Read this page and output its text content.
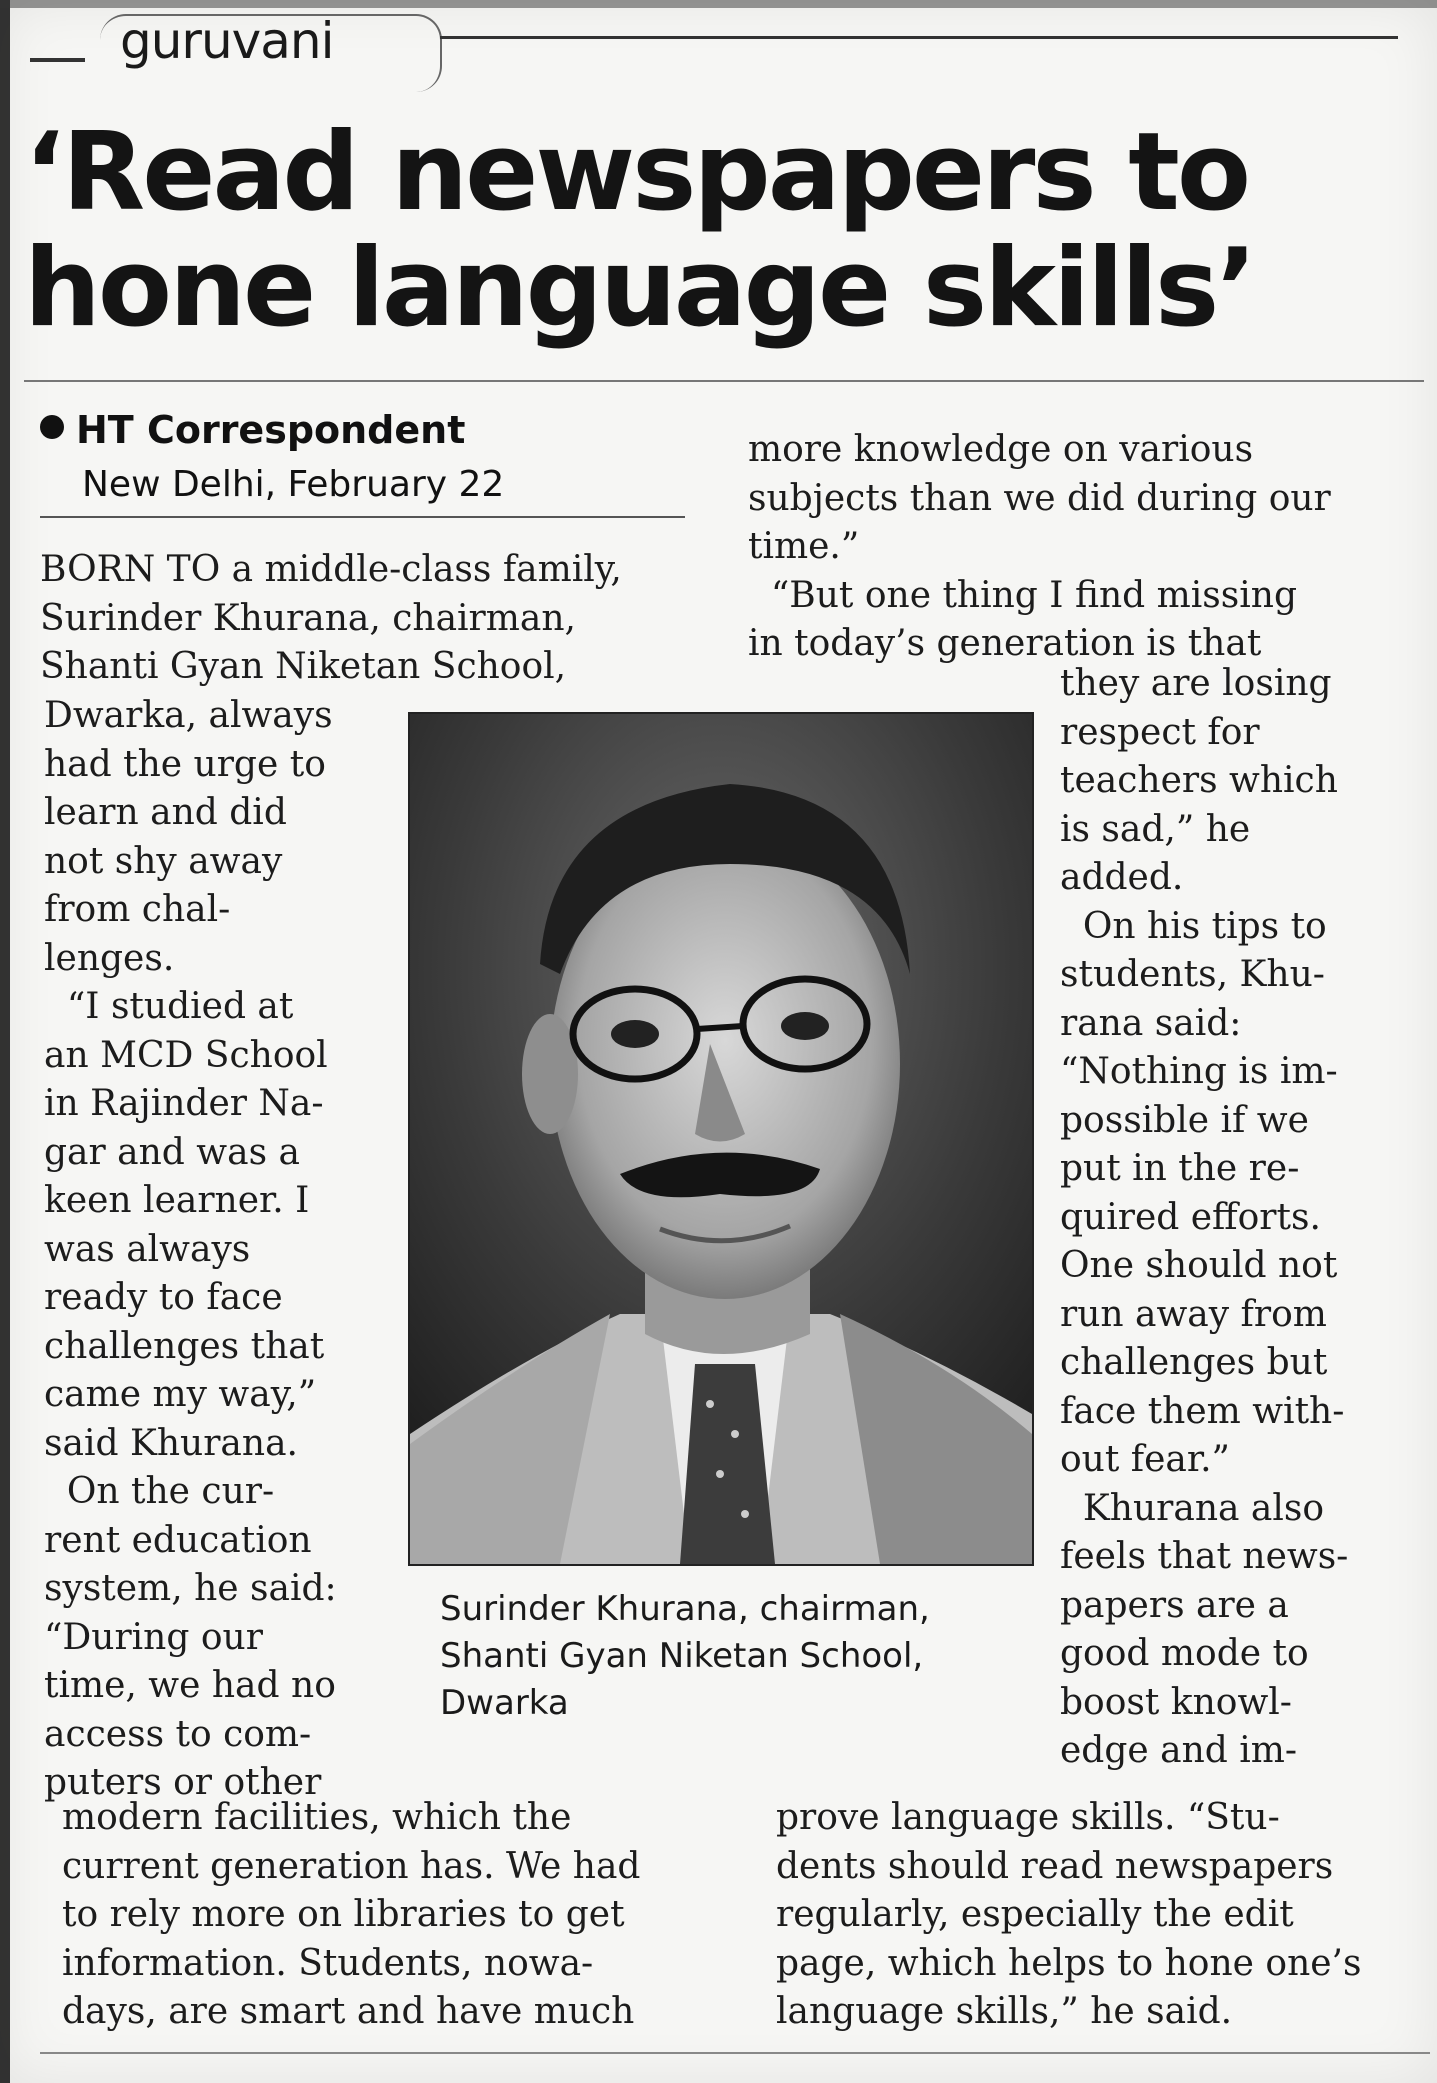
guruvani
‘Read newspapers to
hone language skills’
HT Correspondent
New Delhi, February 22
BORN TO a middle-class family,
Surinder Khurana, chairman,
Shanti Gyan Niketan School,
Dwarka, always
had the urge to
learn and did
not shy away
from chal-
lenges.
“I studied at
an MCD School
in Rajinder Na-
gar and was a
keen learner. I
was always
ready to face
challenges that
came my way,”
said Khurana.
On the cur-
rent education
system, he said:
“During our
time, we had no
access to com-
puters or other
modern facilities, which the
current generation has. We had
to rely more on libraries to get
information. Students, nowa-
days, are smart and have much
more knowledge on various
subjects than we did during our
time.”
“But one thing I find missing
in today’s generation is that
they are losing
respect for
teachers which
is sad,” he
added.
On his tips to
students, Khu-
rana said:
“Nothing is im-
possible if we
put in the re-
quired efforts.
One should not
run away from
challenges but
face them with-
out fear.”
Khurana also
feels that news-
papers are a
good mode to
boost knowl-
edge and im-
prove language skills. “Stu-
dents should read newspapers
regularly, especially the edit
page, which helps to hone one’s
language skills,” he said.
Surinder Khurana, chairman,
Shanti Gyan Niketan School,
Dwarka
